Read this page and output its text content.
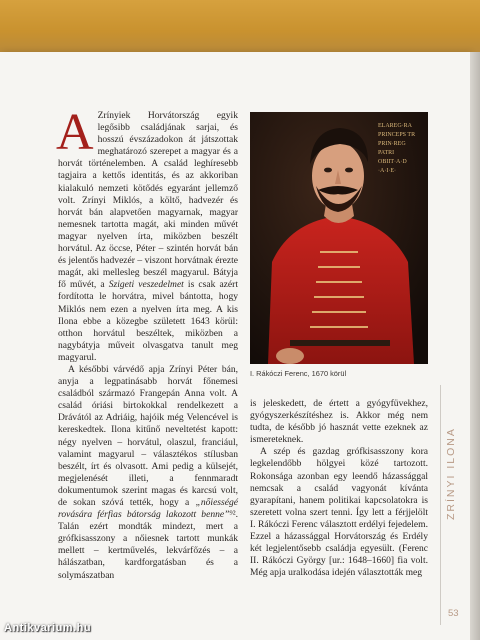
A Zrínyiek Horvátország egyik legősibb családjának sarjai, és hosszú évszázadokon át játszottak meghatározó szerepet a magyar és a horvát történelemben. A család leghíresebb tagjaira a kettős identitás, és az akkoriban kialakuló nemzeti kötődés egyaránt jellemző volt. Zrínyi Miklós, a költő, hadvezér és horvát bán alapvetően magyarnak, magyar nemesnek tartotta magát, aki minden művét magyar nyelven írta, miközben beszélt horvátul. Az öccse, Péter – szintén horvát bán és jelentős hadvezér – viszont horvátnak érezte magát, aki mellesleg beszél magyarul. Bátyja fő művét, a Szigeti veszedelmet is csak azért fordította le horvátra, mivel bántotta, hogy Miklós nem ezen a nyelven írta meg. A kis Ilona ebbe a közegbe született 1643 körül: otthon horvátul beszéltek, miközben a nagybátyja műveit olvasgatva tanult meg magyarul.

A későbbi várvédő apja Zrínyi Péter bán, anyja a legpatinásabb horvát főnemesi családból származó Frangepán Anna volt. A család óriási birtokokkal rendelkezett a Drávától az Adriáig, hajóik még Velencével is kereskedtek. Ilona kitűnő neveltetést kapott: négy nyelven – horvátul, olaszul, franciául, valamint magyarul – választékos stílusban beszélt, írt és olvasott. Ami pedig a külsejét, megjelenését illeti, a fennmaradt dokumentumok szerint magas és karcsú volt, de sokan szóvá tették, hogy a „nőiességé rovására férfias bátorság lakozott benne”⁹². Talán ezért mondták mindezt, mert a grófkisasszony a nőiesnek tartott munkák mellett – kertművelés, lekvárfőzés – a hálászatban, kardforgatásban és a solymászatban

ELAREG·RA
PRINCEPS TR
PRIN·REG
PATRI
OBIIT·A·D
·A·I·E·
I. Rákóczi Ferenc, 1670 körül

is jeleskedett, de értett a gyógyfüvekhez, gyógyszerkészítéshez is. Akkor még nem tudta, de később jó hasznát vette ezeknek az ismereteknek.

A szép és gazdag grófkisasszony kora legkelendőbb hölgyei közé tartozott. Rokonsága azonban egy leendő házassággal nemcsak a család vagyonát kívánta gyarapítani, hanem politikai kapcsolatokra is szeretett volna szert tenni. Így lett a férjjelölt I. Rákóczi Ferenc választott erdélyi fejedelem. Ezzel a házassággal Horvátország és Erdély két legjelentősebb családja egyesült. (Ferenc II. Rákóczi György [ur.: 1648–1660] fia volt. Még apja uralkodása idején választották meg

ZRÍNYI ILONA
53
Antikvarium.hu
